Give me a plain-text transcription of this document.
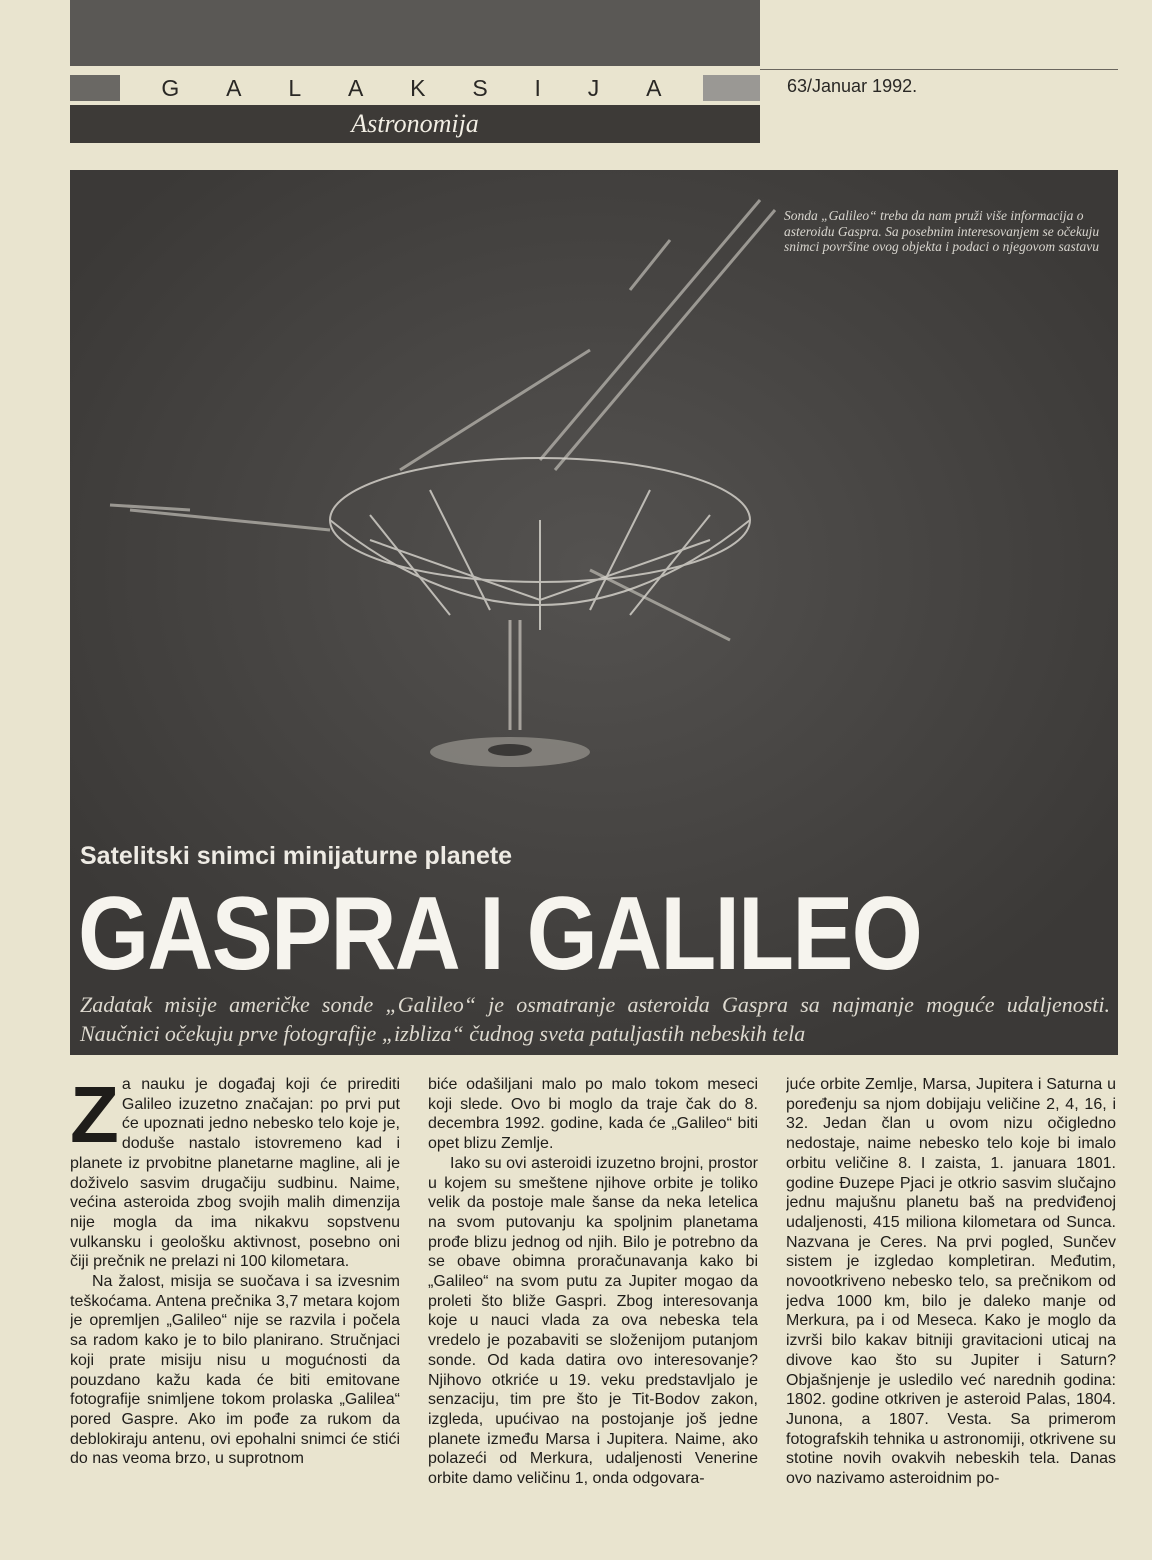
G A L A K S I J A	63/Januar 1992.
Astronomija
Sonda „Galileo“ treba da nam pruži više informacija o asteroidu Gaspra. Sa posebnim interesovanjem se očekuju snimci površine ovog objekta i podaci o njegovom sastavu
Satelitski snimci minijaturne planete
GASPRA I GALILEO
Zadatak misije američke sonde „Galileo“ je osmatranje asteroida Gaspra sa najmanje moguće udaljenosti. Naučnici očekuju prve fotografije „izbliza“ čudnog sveta patuljastih nebeskih tela

Za nauku je događaj koji će prirediti Galileo izuzetno značajan: po prvi put će upoznati jedno nebesko telo koje je, doduše nastalo istovremeno kad i planete iz prvobitne planetarne magline, ali je doživelo sasvim drugačiju sudbinu. Naime, većina asteroida zbog svojih malih dimenzija nije mogla da ima nikakvu sopstvenu vulkansku i geološku aktivnost, posebno oni čiji prečnik ne prelazi ni 100 kilometara.

Na žalost, misija se suočava i sa izvesnim teškoćama. Antena prečnika 3,7 metara kojom je opremljen „Galileo“ nije se razvila i počela sa radom kako je to bilo planirano. Stručnjaci koji prate misiju nisu u mogućnosti da pouzdano kažu kada će biti emitovane fotografije snimljene tokom prolaska „Galilea“ pored Gaspre. Ako im pođe za rukom da deblokiraju antenu, ovi epohalni snimci će stići do nas veoma brzo, u suprotnom

biće odašiljani malo po malo tokom meseci koji slede. Ovo bi moglo da traje čak do 8. decembra 1992. godine, kada će „Galileo“ biti opet blizu Zemlje.

Iako su ovi asteroidi izuzetno brojni, prostor u kojem su smeštene njihove orbite je toliko velik da postoje male šanse da neka letelica na svom putovanju ka spoljnim planetama prođe blizu jednog od njih. Bilo je potrebno da se obave obimna proračunavanja kako bi „Galileo“ na svom putu za Jupiter mogao da proleti što bliže Gaspri. Zbog interesovanja koje u nauci vlada za ova nebeska tela vredelo je pozabaviti se složenijom putanjom sonde. Od kada datira ovo interesovanje? Njihovo otkriće u 19. veku predstavljalo je senzaciju, tim pre što je Tit-Bodov zakon, izgleda, upućivao na postojanje još jedne planete između Marsa i Jupitera. Naime, ako polazeći od Merkura, udaljenosti Venerine orbite damo veličinu 1, onda odgovara-

juće orbite Zemlje, Marsa, Jupitera i Saturna u poređenju sa njom dobijaju veličine 2, 4, 16, i 32. Jedan član u ovom nizu očigledno nedostaje, naime nebesko telo koje bi imalo orbitu veličine 8. I zaista, 1. januara 1801. godine Đuzepe Pjaci je otkrio sasvim slučajno jednu majušnu planetu baš na predviđenoj udaljenosti, 415 miliona kilometara od Sunca. Nazvana je Ceres. Na prvi pogled, Sunčev sistem je izgledao kompletiran. Međutim, novootkriveno nebesko telo, sa prečnikom od jedva 1000 km, bilo je daleko manje od Merkura, pa i od Meseca. Kako je moglo da izvrši bilo kakav bitniji gravitacioni uticaj na divove kao što su Jupiter i Saturn? Objašnjenje je usledilo već narednih godina: 1802. godine otkriven je asteroid Palas, 1804. Junona, a 1807. Vesta. Sa primerom fotografskih tehnika u astronomiji, otkrivene su stotine novih ovakvih nebeskih tela. Danas ovo nazivamo asteroidnim po-
